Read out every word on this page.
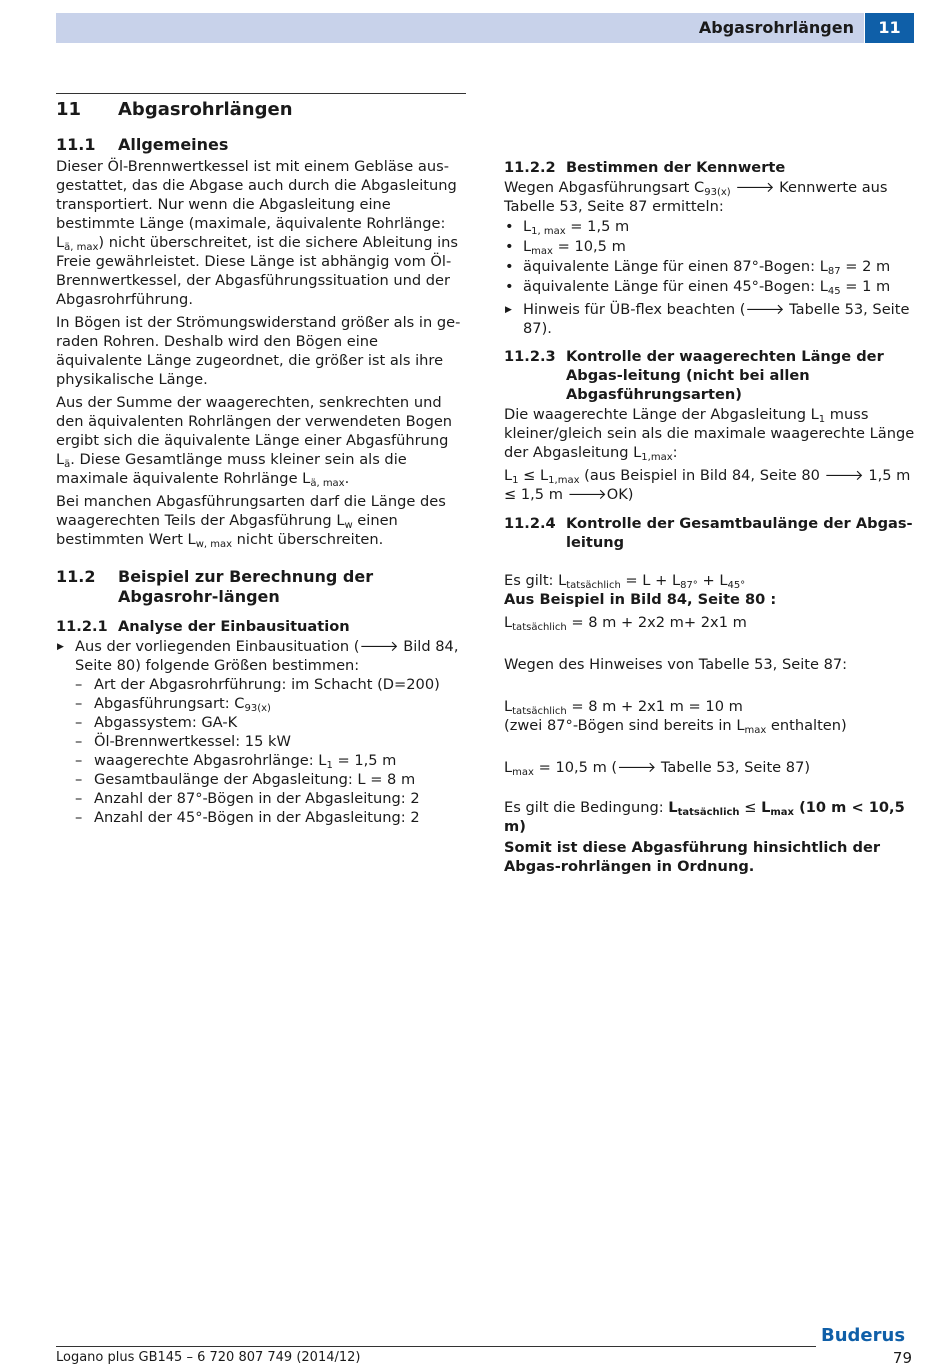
Abgasrohrlängen	11
11	Abgasrohrlängen
11.1	Allgemeines

Dieser Öl-Brennwertkessel ist mit einem Gebläse aus-gestattet, das die Abgase auch durch die Abgasleitung transportiert. Nur wenn die Abgasleitung eine bestimmte Länge (maximale, äquivalente Rohrlänge: $L_{ä, max}$) nicht überschreitet, ist die sichere Ableitung ins Freie gewährleistet. Diese Länge ist abhängig vom Öl-Brennwertkessel, der Abgasführungssituation und der Abgasrohrführung.

In Bögen ist der Strömungswiderstand größer als in ge-raden Rohren. Deshalb wird den Bögen eine äquivalente Länge zugeordnet, die größer ist als ihre physikalische Länge.

Aus der Summe der waagerechten, senkrechten und den äquivalenten Rohrlängen der verwendeten Bogen ergibt sich die äquivalente Länge einer Abgasführung $L_ä$. Diese Gesamtlänge muss kleiner sein als die maximale äquivalente Rohrlänge $L_{ä, max}$.

Bei manchen Abgasführungsarten darf die Länge des waagerechten Teils der Abgasführung $L_w$ einen bestimmten Wert $L_{w, max}$ nicht überschreiten.

11.2	Beispiel zur Berechnung der Abgasrohr-längen
11.2.1 Analyse der Einbausituation
▶ Aus der vorliegenden Einbausituation (🡒 Bild 84, Seite 80) folgende Größen bestimmen:
– Art der Abgasrohrführung: im Schacht (D=200)
– Abgasführungsart: $C_{93(x)}$
– Abgassystem: GA-K
– Öl-Brennwertkessel: 15 kW
– waagerechte Abgasrohrlänge: $L_1 = 1,5$ m
– Gesamtbaulänge der Abgasleitung: L = 8 m
– Anzahl der 87°-Bögen in der Abgasleitung: 2
– Anzahl der 45°-Bögen in der Abgasleitung: 2
11.2.2 Bestimmen der Kennwerte

Wegen Abgasführungsart $C_{93(x)}$ 🡒 Kennwerte aus Tabelle 53, Seite 87 ermitteln:

• $L_{1, max} = 1,5$ m
• $L_{max} = 10,5$ m
• äquivalente Länge für einen 87°-Bogen: $L_{87} = 2$ m
• äquivalente Länge für einen 45°-Bogen: $L_{45} = 1$ m
▶ Hinweis für ÜB-flex beachten (🡒 Tabelle 53, Seite 87).
11.2.3 Kontrolle der waagerechten Länge der Abgas-leitung (nicht bei allen Abgasführungsarten)

Die waagerechte Länge der Abgasleitung $L_1$ muss kleiner/gleich sein als die maximale waagerechte Länge der Abgasleitung $L_{1,max}$:

$L_1 \le L_{1,max}$ (aus Beispiel in Bild 84, Seite 80 🡒 1,5 m ≤ 1,5 m 🡒OK)

11.2.4 Kontrolle der Gesamtbaulänge der Abgas-leitung

Es gilt: $L_{tatsächlich} = L + L_{87^\circ} + L_{45^\circ}$

Aus Beispiel in Bild 84, Seite 80 :

$L_{tatsächlich} = 8$ m + 2x2 m+ 2x1 m

Wegen des Hinweises von Tabelle 53, Seite 87:

$L_{tatsächlich} = 8$ m + 2x1 m = 10 m

(zwei 87°-Bögen sind bereits in $L_{max}$ enthalten)

$L_{max} = 10,5$ m (🡒 Tabelle 53, Seite 87)

Es gilt die Bedingung: $L_{tatsächlich} \le L_{max}$ (10 m < 10,5 m)

Somit ist diese Abgasführung hinsichtlich der Abgas-rohrlängen in Ordnung.

Buderus
Logano plus GB145 – 6 720 807 749 (2014/12)	79
